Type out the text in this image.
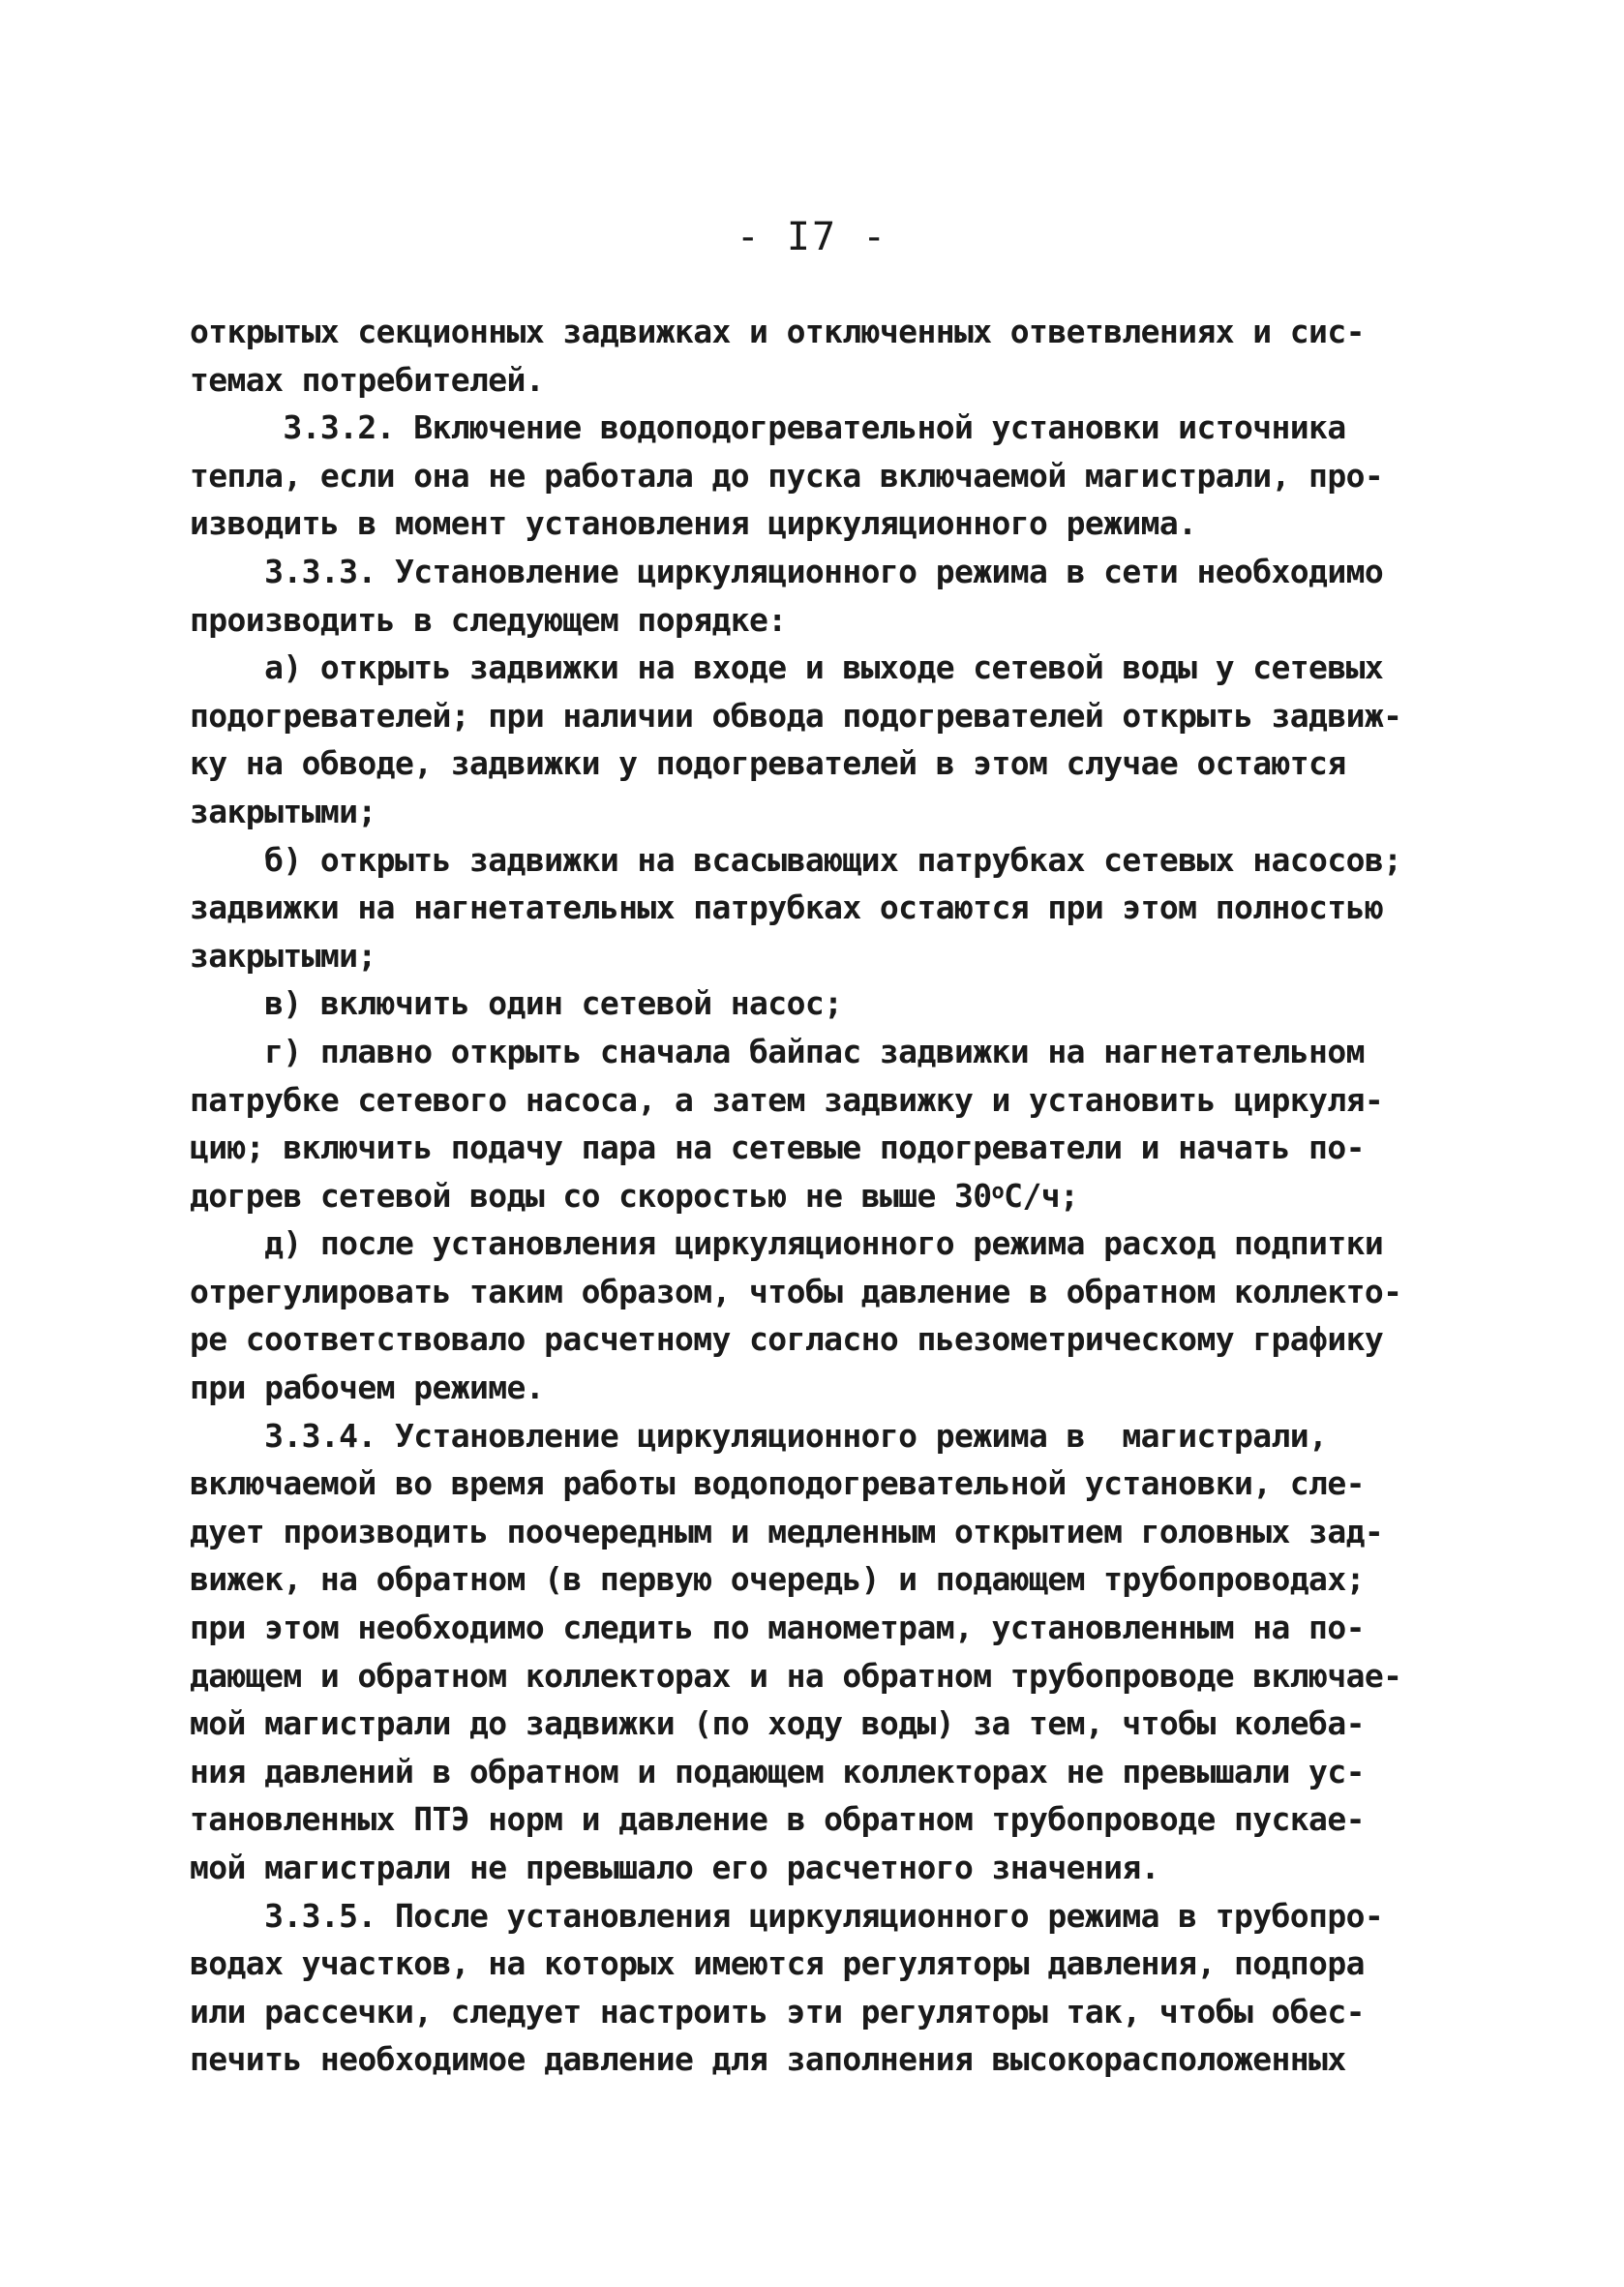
- I7 -
открытых секционных задвижках и отключенных ответвлениях и сис-
темах потребителей.
3.3.2. Включение водоподогревательной установки источника
тепла, если она не работала до пуска включаемой магистрали, про-
изводить в момент установления циркуляционного режима.
3.3.3. Установление циркуляционного режима в сети необходимо
производить в следующем порядке:
а) открыть задвижки на входе и выходе сетевой воды у сетевых
подогревателей; при наличии обвода подогревателей открыть задвиж-
ку на обводе, задвижки у подогревателей в этом случае остаются
закрытыми;
б) открыть задвижки на всасывающих патрубках сетевых насосов;
задвижки на нагнетательных патрубках остаются при этом полностью
закрытыми;
в) включить один сетевой насос;
г) плавно открыть сначала байпас задвижки на нагнетательном
патрубке сетевого насоса, а затем задвижку и установить циркуля-
цию; включить подачу пара на сетевые подогреватели и начать по-
догрев сетевой воды со скоростью не выше 30$^o$С/ч;
д) после установления циркуляционного режима расход подпитки
отрегулировать таким образом, чтобы давление в обратном коллекто-
ре соответствовало расчетному согласно пьезометрическому графику
при рабочем режиме.
3.3.4. Установление циркуляционного режима в  магистрали,
включаемой во время работы водоподогревательной установки, сле-
дует производить поочередным и медленным открытием головных зад-
вижек, на обратном (в первую очередь) и подающем трубопроводах;
при этом необходимо следить по манометрам, установленным на по-
дающем и обратном коллекторах и на обратном трубопроводе включае-
мой магистрали до задвижки (по ходу воды) за тем, чтобы колеба-
ния давлений в обратном и подающем коллекторах не превышали ус-
тановленных ПТЭ норм и давление в обратном трубопроводе пускае-
мой магистрали не превышало его расчетного значения.
3.3.5. После установления циркуляционного режима в трубопро-
водах участков, на которых имеются регуляторы давления, подпора
или рассечки, следует настроить эти регуляторы так, чтобы обес-
печить необходимое давление для заполнения высокорасположенных
